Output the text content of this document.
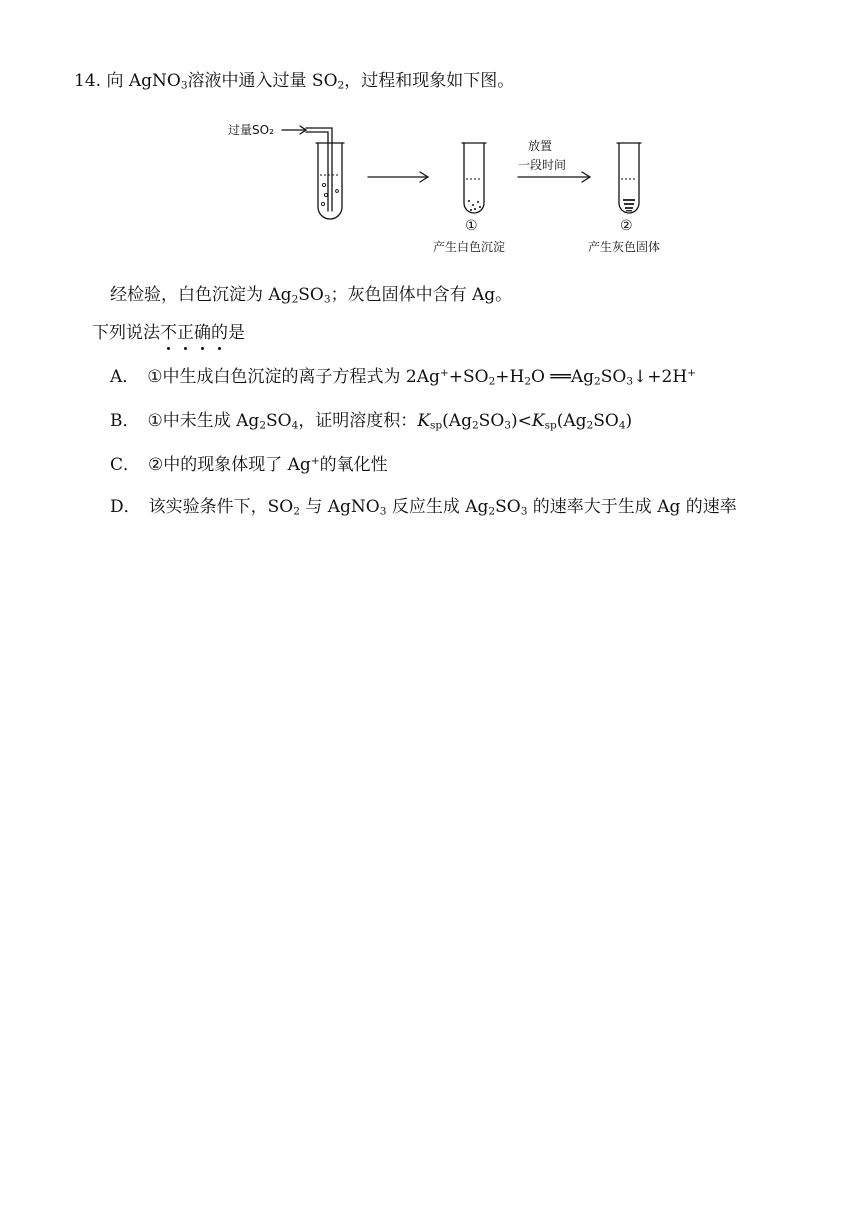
14. 向 AgNO$_3$溶液中通入过量 $SO_2$，过程和现象如下图。
过量SO₂
放置
一段时间
①	②
产生白色沉淀	产生灰色固体
经检验，白色沉淀为 $Ag_2SO_3$；灰色固体中含有 Ag。
下列说法不正确的是
A． ①中生成白色沉淀的离子方程式为 $2Ag^++SO_2+H_2O$ $══Ag_2SO_3↓+2H^+$
B． ①中未生成 $Ag_2SO_4$，证明溶度积：$K_{sp}(Ag_2SO_3)<K_{sp}(Ag_2SO_4)$
C． ②中的现象体现了 Ag+的氧化性
D． 该实验条件下，$SO_2$ 与 AgNO$_3$ 反应生成 $Ag_2SO_3$ 的速率大于生成 Ag 的速率
